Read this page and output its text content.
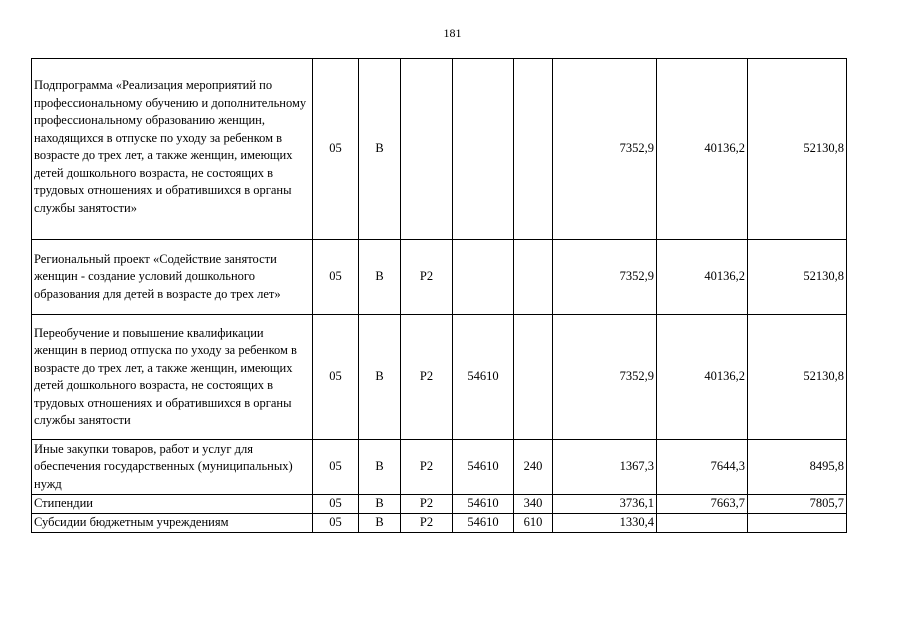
181
Подпрограмма «Реализация мероприятий по профессиональному обучению и дополнительному профессиональному образованию женщин, находящихся в отпуске по уходу за ребенком в возрасте до трех лет, а также женщин, имеющих детей дошкольного возраста, не состоящих в трудовых отношениях и обратившихся в органы службы занятости»	05	B				7352,9	40136,2	52130,8
Региональный проект «Содействие занятости женщин - создание условий дошкольного образования для детей в возрасте до трех лет»	05	B	P2			7352,9	40136,2	52130,8
Переобучение и повышение квалификации женщин в период отпуска по уходу за ребенком в возрасте до трех лет, а также женщин, имеющих детей дошкольного возраста, не состоящих в трудовых отношениях и обратившихся в органы службы занятости	05	B	P2	54610		7352,9	40136,2	52130,8
Иные закупки товаров, работ и услуг для обеспечения государственных (муниципальных) нужд	05	B	P2	54610	240	1367,3	7644,3	8495,8
Стипендии	05	B	P2	54610	340	3736,1	7663,7	7805,7
Субсидии бюджетным учреждениям	05	B	P2	54610	610	1330,4		
